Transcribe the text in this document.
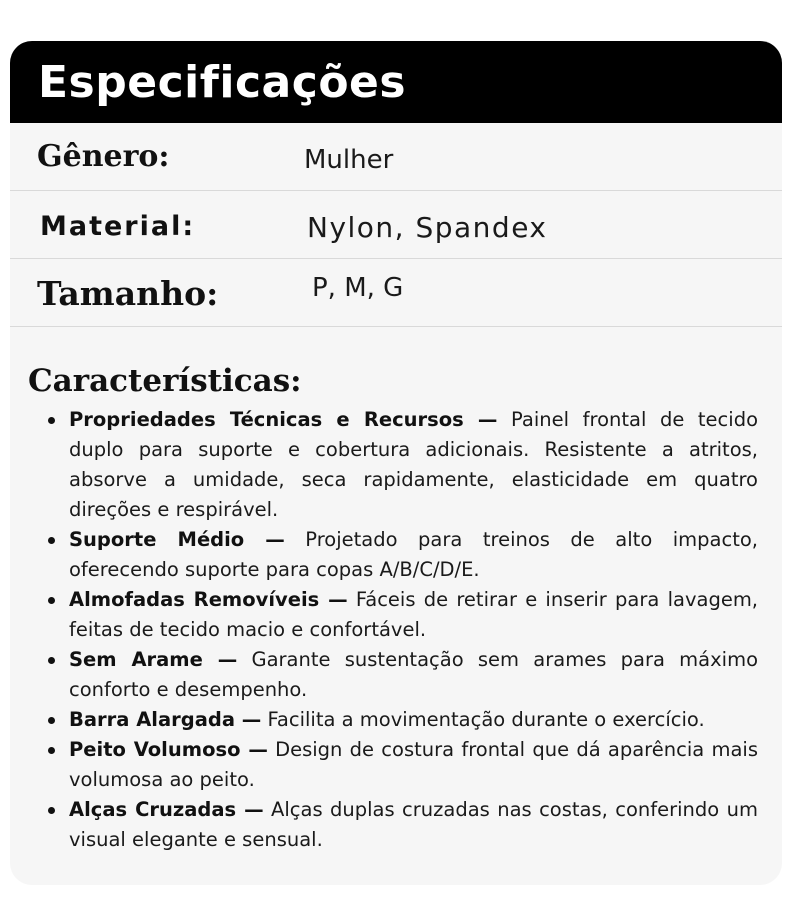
Especificações
Gênero:	Mulher
Material:	Nylon, Spandex
Tamanho:	P, M, G
Características:
Propriedades Técnicas e Recursos — Painel frontal de tecido duplo para suporte e cobertura adicionais. Resistente a atritos, absorve a umidade, seca rapidamente, elasticidade em quatro direções e respirável.
Suporte Médio — Projetado para treinos de alto impacto, oferecendo suporte para copas A/B/C/D/E.
Almofadas Removíveis — Fáceis de retirar e inserir para lavagem, feitas de tecido macio e confortável.
Sem Arame — Garante sustentação sem arames para máximo conforto e desempenho.
Barra Alargada — Facilita a movimentação durante o exercício.
Peito Volumoso — Design de costura frontal que dá aparência mais volumosa ao peito.
Alças Cruzadas — Alças duplas cruzadas nas costas, conferindo um visual elegante e sensual.
